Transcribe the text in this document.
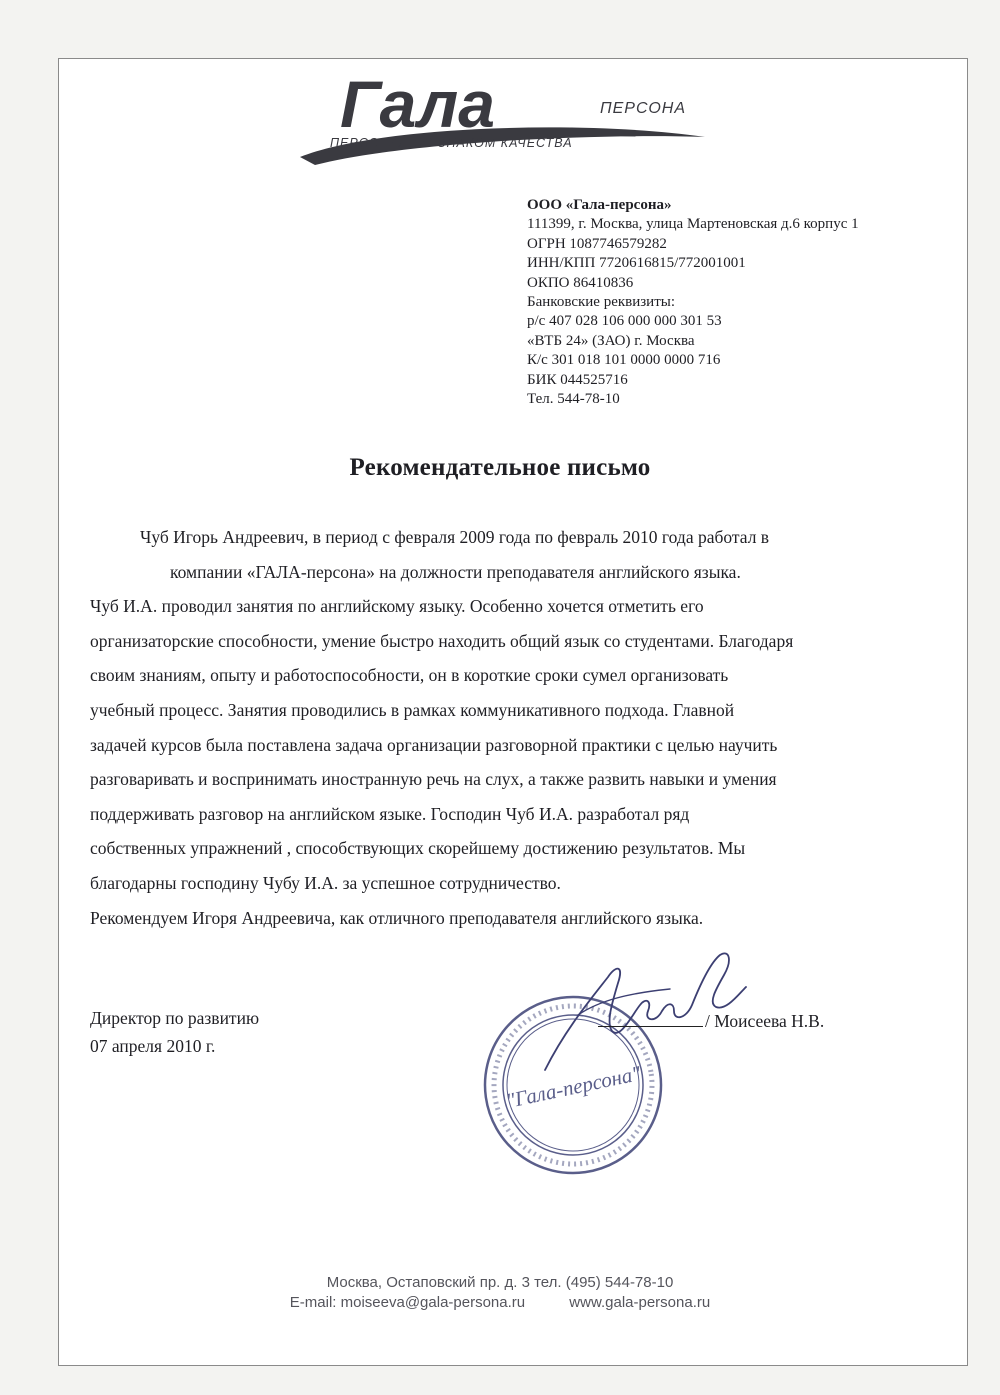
Гала	ПЕРСОНА
ПЕРСОНАЛ СО ЗНАКОМ КАЧЕСТВА
ООО «Гала-персона»
111399, г. Москва, улица Мартеновская д.6 корпус 1
ОГРН 1087746579282
ИНН/КПП 7720616815/772001001
ОКПО 86410836
Банковские реквизиты:
р/с 407 028 106 000 000 301 53
«ВТБ 24» (ЗАО) г. Москва
К/с 301 018 101 0000 0000 716
БИК 044525716
Тел. 544-78-10
Рекомендательное письмо
Чуб Игорь Андреевич, в период с февраля 2009 года по февраль 2010 года работал в
компании «ГАЛА-персона» на должности преподавателя английского языка.
Чуб И.А. проводил занятия по английскому языку. Особенно хочется отметить его
организаторские способности, умение быстро находить общий язык со студентами. Благодаря
своим знаниям, опыту и работоспособности, он в короткие сроки сумел организовать
учебный процесс. Занятия проводились в рамках коммуникативного подхода. Главной
задачей курсов была поставлена задача организации разговорной практики с целью научить
разговаривать и воспринимать иностранную речь на слух, а также развить навыки и умения
поддерживать разговор на английском языке. Господин Чуб И.А. разработал ряд
собственных упражнений , способствующих скорейшему достижению результатов. Мы
благодарны господину Чубу И.А. за успешное сотрудничество.
Рекомендуем Игоря Андреевича, как отличного преподавателя английского языка.
Директор по развитию
07 апреля 2010 г.
"Гала-персона"
/ Моисеева Н.В.
Москва, Остаповский пр. д. 3 тел. (495) 544-78-10
E-mail: moiseeva@gala-persona.ru	www.gala-persona.ru
